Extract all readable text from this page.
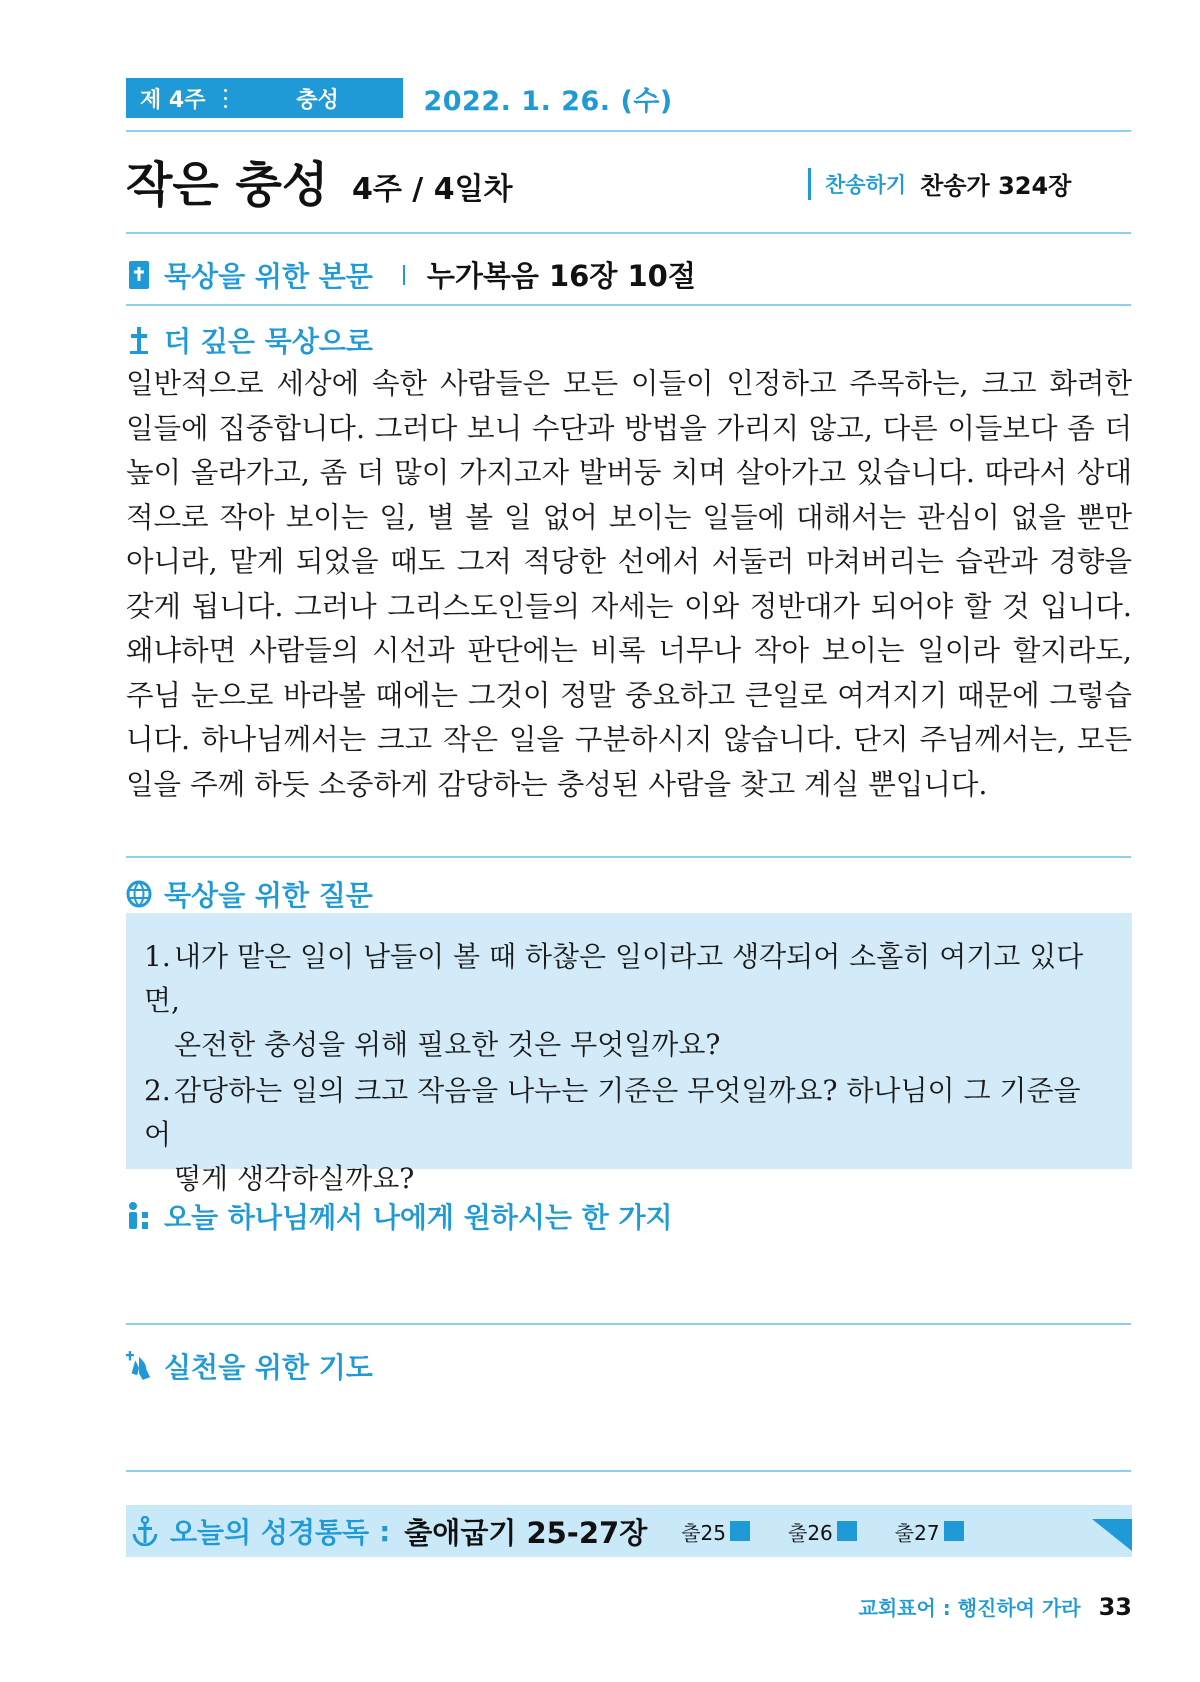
제 4주	충성	2022. 1. 26. (수)
작은 충성 4주 / 4일차	찬송하기 찬송가 324장
묵상을 위한 본문 누가복음 16장 10절
더 깊은 묵상으로
일반적으로 세상에 속한 사람들은 모든 이들이 인정하고 주목하는, 크고 화려한 일들에 집중합니다. 그러다 보니 수단과 방법을 가리지 않고, 다른 이들보다 좀 더 높이 올라가고, 좀 더 많이 가지고자 발버둥 치며 살아가고 있습니다. 따라서 상대적으로 작아 보이는 일, 별 볼 일 없어 보이는 일들에 대해서는 관심이 없을 뿐만 아니라, 맡게 되었을 때도 그저 적당한 선에서 서둘러 마쳐버리는 습관과 경향을 갖게 됩니다. 그러나 그리스도인들의 자세는 이와 정반대가 되어야 할 것 입니다. 왜냐하면 사람들의 시선과 판단에는 비록 너무나 작아 보이는 일이라 할지라도, 주님 눈으로 바라볼 때에는 그것이 정말 중요하고 큰일로 여겨지기 때문에 그렇습니다. 하나님께서는 크고 작은 일을 구분하시지 않습니다. 단지 주님께서는, 모든 일을 주께 하듯 소중하게 감당하는 충성된 사람을 찾고 계실 뿐입니다.
묵상을 위한 질문
1. 내가 맡은 일이 남들이 볼 때 하찮은 일이라고 생각되어 소홀히 여기고 있다면,
온전한 충성을 위해 필요한 것은 무엇일까요?
2. 감당하는 일의 크고 작음을 나누는 기준은 무엇일까요? 하나님이 그 기준을 어
떻게 생각하실까요?
오늘 하나님께서 나에게 원하시는 한 가지
실천을 위한 기도
오늘의 성경통독 : 출애굽기 25-27장 출25	출26	출27
교회표어 : 행진하여 가라 33
